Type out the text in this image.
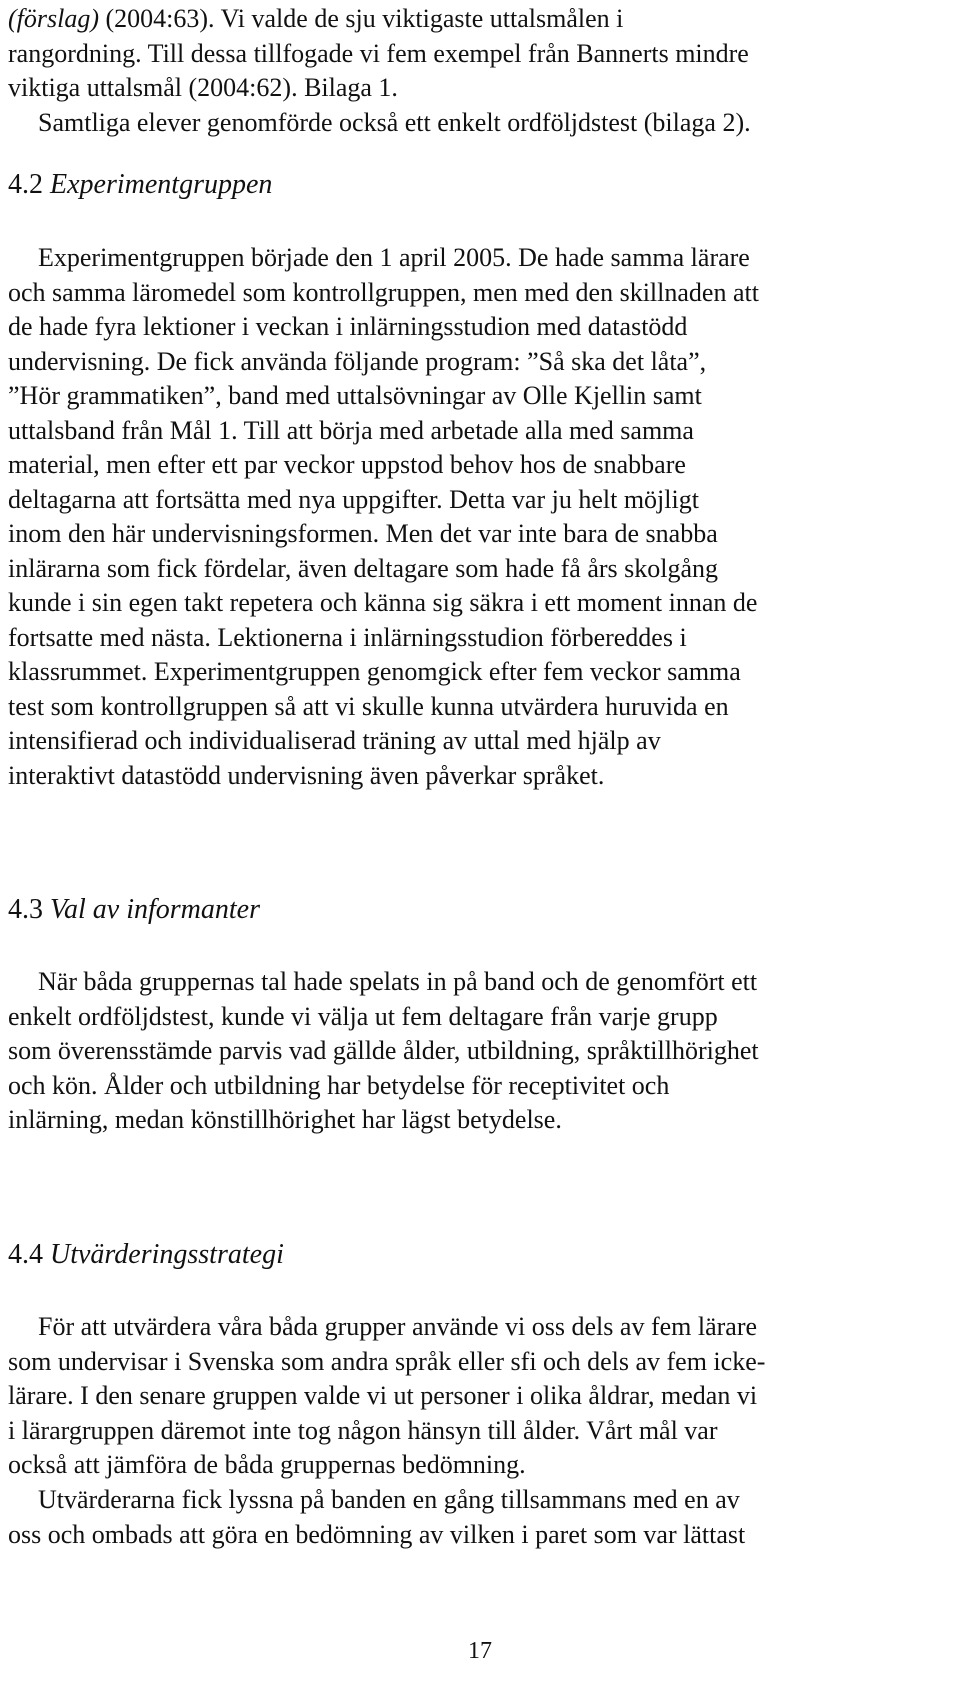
(förslag) (2004:63). Vi valde de sju viktigaste uttalsmålen i
rangordning. Till dessa tillfogade vi fem exempel från Bannerts mindre
viktiga uttalsmål (2004:62). Bilaga 1.
Samtliga elever genomförde också ett enkelt ordföljdstest (bilaga 2).
4.2 Experimentgruppen
Experimentgruppen började den 1 april 2005. De hade samma lärare
och samma läromedel som kontrollgruppen, men med den skillnaden att
de hade fyra lektioner i veckan i inlärningsstudion med datastödd
undervisning. De fick använda följande program: ”Så ska det låta”,
”Hör grammatiken”, band med uttalsövningar av Olle Kjellin samt
uttalsband från Mål 1. Till att börja med arbetade alla med samma
material, men efter ett par veckor uppstod behov hos de snabbare
deltagarna att fortsätta med nya uppgifter. Detta var ju helt möjligt
inom den här undervisningsformen. Men det var inte bara de snabba
inlärarna som fick fördelar, även deltagare som hade få års skolgång
kunde i sin egen takt repetera och känna sig säkra i ett moment innan de
fortsatte med nästa. Lektionerna i inlärningsstudion förbereddes i
klassrummet. Experimentgruppen genomgick efter fem veckor samma
test som kontrollgruppen så att vi skulle kunna utvärdera huruvida en
intensifierad och individualiserad träning av uttal med hjälp av
interaktivt datastödd undervisning även påverkar språket.
4.3 Val av informanter
När båda gruppernas tal hade spelats in på band och de genomfört ett
enkelt ordföljdstest, kunde vi välja ut fem deltagare från varje grupp
som överensstämde parvis vad gällde ålder, utbildning, språktillhörighet
och kön. Ålder och utbildning har betydelse för receptivitet och
inlärning, medan könstillhörighet har lägst betydelse.
4.4 Utvärderingsstrategi
För att utvärdera våra båda grupper använde vi oss dels av fem lärare
som undervisar i Svenska som andra språk eller sfi och dels av fem icke-
lärare. I den senare gruppen valde vi ut personer i olika åldrar, medan vi
i lärargruppen däremot inte tog någon hänsyn till ålder. Vårt mål var
också att jämföra de båda gruppernas bedömning.
Utvärderarna fick lyssna på banden en gång tillsammans med en av
oss och ombads att göra en bedömning av vilken i paret som var lättast
17
